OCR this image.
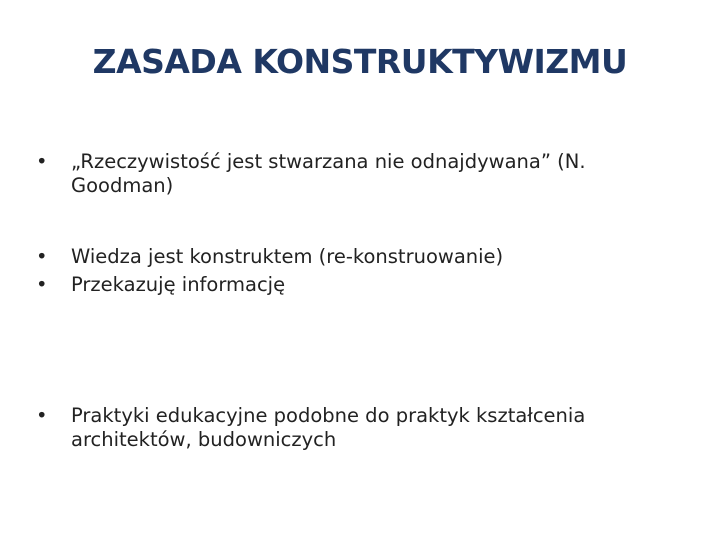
ZASADA KONSTRUKTYWIZMU
•	„Rzeczywistość jest stwarzana nie odnajdywana” (N. Goodman)
•	Wiedza jest konstruktem (re-konstruowanie)
•	Przekazuję informację
•	Praktyki edukacyjne podobne do praktyk kształcenia architektów, budowniczych
